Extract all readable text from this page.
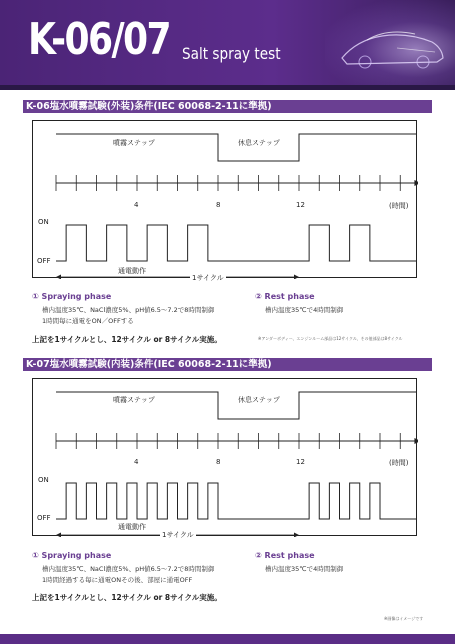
K-06/07 Salt spray test
K-06塩水噴霧試験(外装)条件(IEC 60068-2-11に準拠)
噴霧ステップ	休息ステップ
4	8	12	(時間)
ON
OFF
通電動作
1サイクル
① Spraying phase
槽内温度35℃、NaCl濃度5%、pH値6.5～7.2で8時間制御
1時間毎に通電をON／OFFする
② Rest phase
槽内温度35℃で4時間制御
上記を1サイクルとし、12サイクル or 8サイクル実施。	※アンダーボディー、エンジンルーム部品は12サイクル、その他部品は8サイクル
K-07塩水噴霧試験(内装)条件(IEC 60068-2-11に準拠)
噴霧ステップ	休息ステップ
4	8	12	(時間)
ON
OFF
通電動作
1サイクル
① Spraying phase
槽内温度35℃、NaCl濃度5%、pH値6.5～7.2で8時間制御
1時間経過する毎に通電ONその後、部屋に通電OFF
② Rest phase
槽内温度35℃で4時間制御
上記を1サイクルとし、12サイクル or 8サイクル実施。
※画像はイメージです
